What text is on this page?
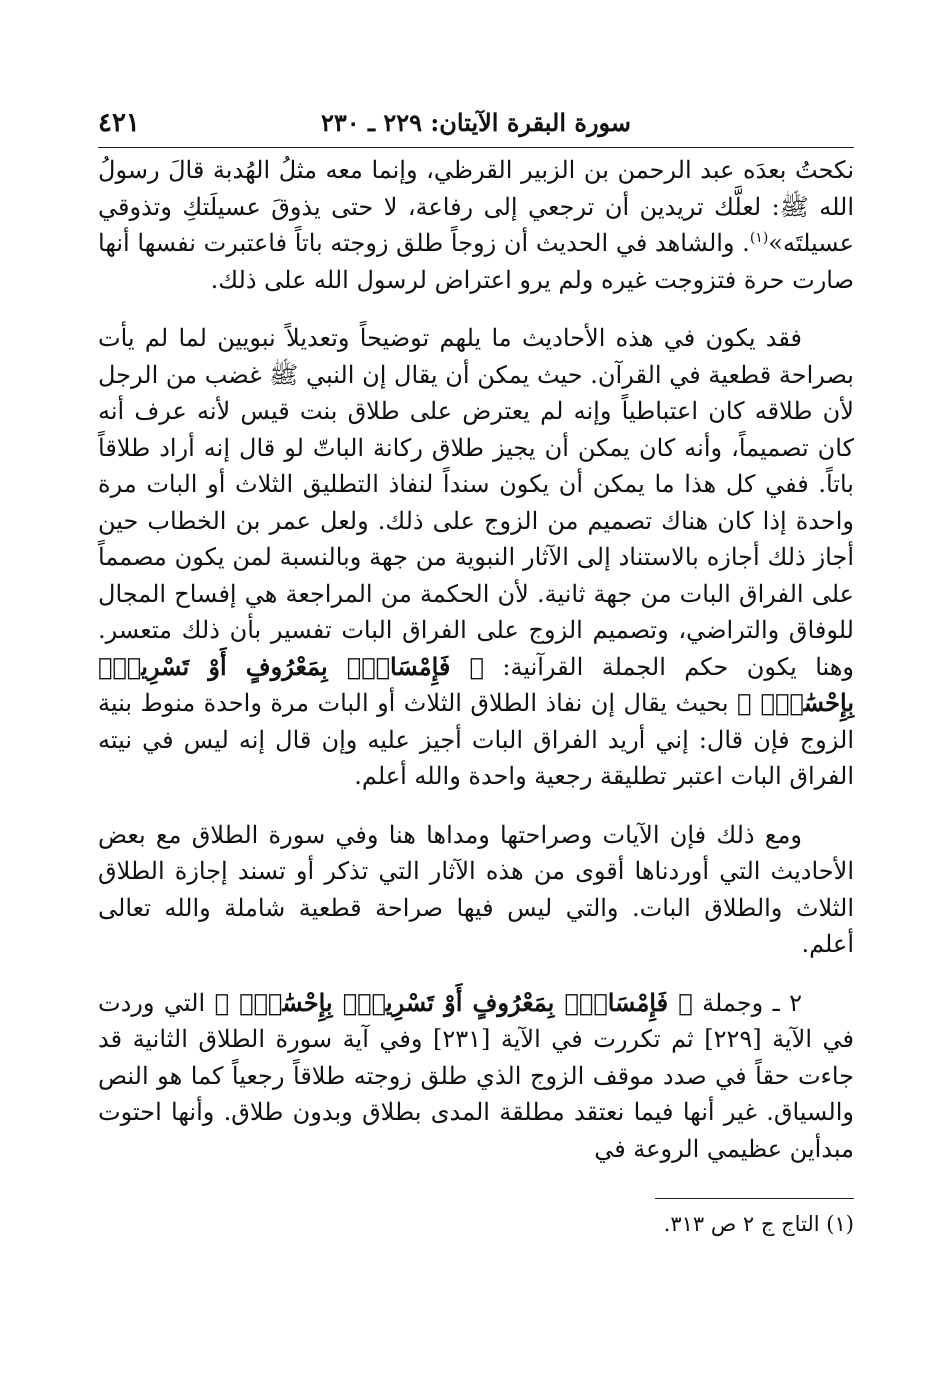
سورة البقرة الآيتان: ٢٢٩ ـ ٢٣٠
٤٢١

نكحتُ بعدَه عبد الرحمن بن الزبير القرظي، وإنما معه مثلُ الهُدبة قالَ رسولُ الله ﷺ: لعلَّك تريدين أن ترجعي إلى رفاعة، لا حتى يذوقَ عسيلَتكِ وتذوقي عسيلتَه»$^{(١)}$. والشاهد في الحديث أن زوجاً طلق زوجته باتاً فاعتبرت نفسها أنها صارت حرة فتزوجت غيره ولم يرو اعتراض لرسول الله على ذلك.

فقد يكون في هذه الأحاديث ما يلهم توضيحاً وتعديلاً نبويين لما لم يأت بصراحة قطعية في القرآن. حيث يمكن أن يقال إن النبي ﷺ غضب من الرجل لأن طلاقه كان اعتباطياً وإنه لم يعترض على طلاق بنت قيس لأنه عرف أنه كان تصميماً، وأنه كان يمكن أن يجيز طلاق ركانة الباتّ لو قال إنه أراد طلاقاً باتاً. ففي كل هذا ما يمكن أن يكون سنداً لنفاذ التطليق الثلاث أو البات مرة واحدة إذا كان هناك تصميم من الزوج على ذلك. ولعل عمر بن الخطاب حين أجاز ذلك أجازه بالاستناد إلى الآثار النبوية من جهة وبالنسبة لمن يكون مصمماً على الفراق البات من جهة ثانية. لأن الحكمة من المراجعة هي إفساح المجال للوفاق والتراضي، وتصميم الزوج على الفراق البات تفسير بأن ذلك متعسر. وهنا يكون حكم الجملة القرآنية: ﴿ فَإِمْسَاكٌۢ بِمَعْرُوفٍ أَوْ تَسْرِيحٌۢ بِإِحْسَٰنٍۗ ﴾ بحيث يقال إن نفاذ الطلاق الثلاث أو البات مرة واحدة منوط بنية الزوج فإن قال: إني أريد الفراق البات أجيز عليه وإن قال إنه ليس في نيته الفراق البات اعتبر تطليقة رجعية واحدة والله أعلم.

ومع ذلك فإن الآيات وصراحتها ومداها هنا وفي سورة الطلاق مع بعض الأحاديث التي أوردناها أقوى من هذه الآثار التي تذكر أو تسند إجازة الطلاق الثلاث والطلاق البات. والتي ليس فيها صراحة قطعية شاملة والله تعالى أعلم.

٢ ـ وجملة ﴿ فَإِمْسَاكٌۢ بِمَعْرُوفٍ أَوْ تَسْرِيحٌۢ بِإِحْسَٰنٍۗ ﴾ التي وردت في الآية [٢٢٩] ثم تكررت في الآية [٢٣١] وفي آية سورة الطلاق الثانية قد جاءت حقاً في صدد موقف الزوج الذي طلق زوجته طلاقاً رجعياً كما هو النص والسياق. غير أنها فيما نعتقد مطلقة المدى بطلاق وبدون طلاق. وأنها احتوت مبدأين عظيمي الروعة في

(١) التاج ج ٢ ص ٣١٣.
